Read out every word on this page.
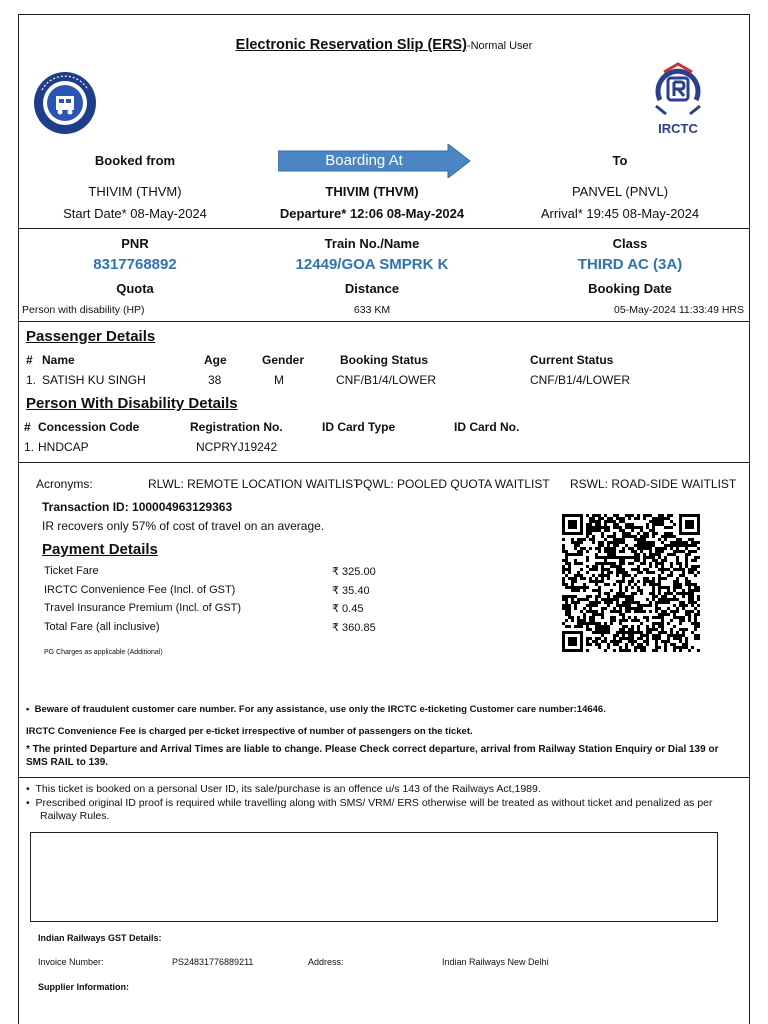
Electronic Reservation Slip (ERS)-Normal User
IRCTC
Booked from	To
Boarding At
THIVIM (THVM)	THIVIM (THVM)	PANVEL (PNVL)
Start Date* 08-May-2024	Departure* 12:06 08-May-2024	Arrival* 19:45 08-May-2024
PNR	Train No./Name	Class
8317768892	12449/GOA SMPRK K	THIRD AC (3A)
Quota	Distance	Booking Date
Person with disability (HP)	633 KM	05-May-2024 11:33:49 HRS
Passenger Details
# Name	Age	Gender	Booking Status	Current Status
1. SATISH KU SINGH	38	M	CNF/B1/4/LOWER	CNF/B1/4/LOWER
Person With Disability Details
# Concession Code	Registration No.	ID Card Type	ID Card No.
1. HNDCAP	NCPRYJ19242
Acronyms:	RLWL: REMOTE LOCATION WAITLIST
PQWL: POOLED QUOTA WAITLIST RSWL: ROAD-SIDE WAITLIST
Transaction ID: 100004963129363
IR recovers only 57% of cost of travel on an average.
Payment Details
Ticket Fare	₹ 325.00
IRCTC Convenience Fee (Incl. of GST)	₹ 35.40
Travel Insurance Premium (Incl. of GST)	₹ 0.45
Total Fare (all inclusive)	₹ 360.85
PG Charges as applicable (Additional)
•  Beware of fraudulent customer care number. For any assistance, use only the IRCTC e-ticketing Customer care number:14646.
IRCTC Convenience Fee is charged per e-ticket irrespective of number of passengers on the ticket.
* The printed Departure and Arrival Times are liable to change. Please Check correct departure, arrival from Railway Station Enquiry or Dial 139 or SMS RAIL to 139.
•  This ticket is booked on a personal User ID, its sale/purchase is an offence u/s 143 of the Railways Act,1989.
•  Prescribed original ID proof is required while travelling along with SMS/ VRM/ ERS otherwise will be treated as without ticket and penalized as per Railway Rules.
Indian Railways GST Details:
Invoice Number:	PS24831776889211	Address:	Indian Railways New Delhi
Supplier Information:
